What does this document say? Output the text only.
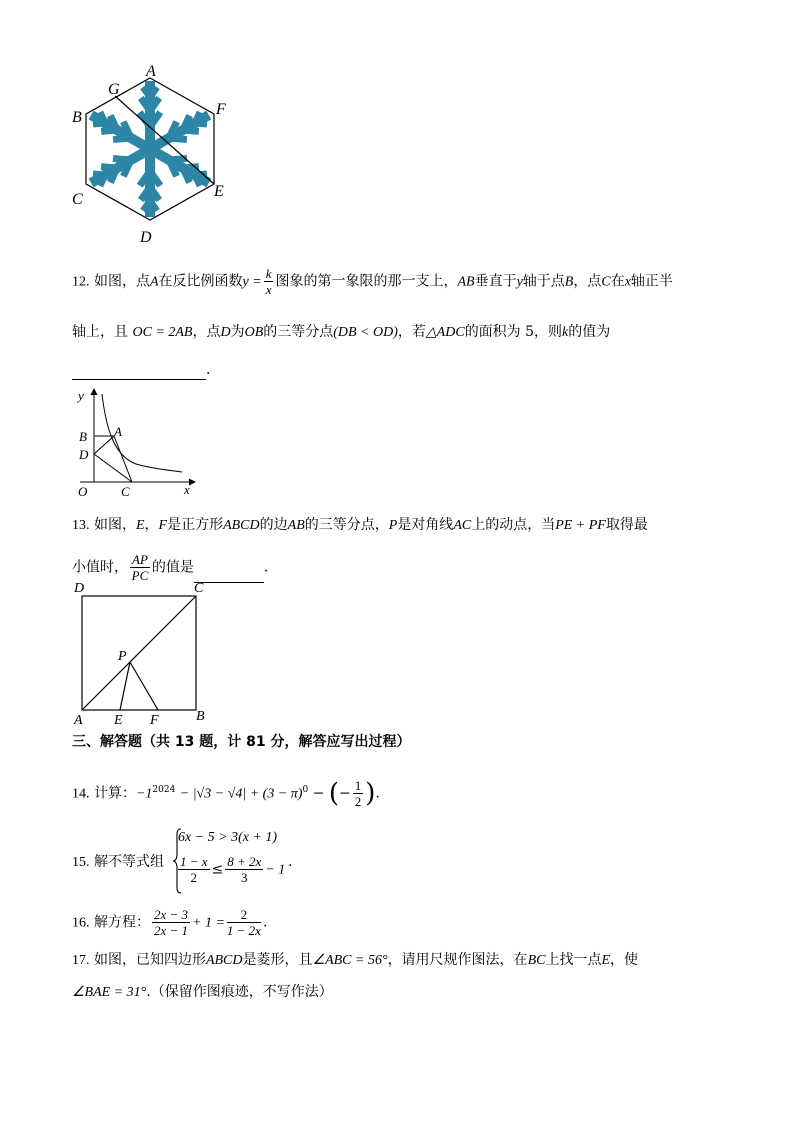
A
B
C
D
E
F
G
12. 如图，点A在反比例函数$y = \frac{k}{x}$ 图象的第一象限的那一支上，AB垂直于y轴于点B，点C在x轴正半
轴上，且 OC = 2AB，点D为OB的三等分点(DB < OD)，若△ADC的面积为 5，则k的值为
.
y
x
O
B A
D
C
13. 如图，E，F是正方形ABCD的边AB的三等分点，P是对角线AC上的动点，当PE + PF取得最
小值时， $\frac{AP}{PC}$ 的值是	.
D	C
A E F	B
P
三、解答题（共 13 题，计 81 分，解答应写出过程）
14. 计算：$-1^{2024} - |√3 - √4| + (3 - \pi)^0$ − (− $\frac{1}{2}$ ).
15. 解不等式组
6x − 5 > 3(x + 1)
$\frac{1 - x}{2} \le \frac{8 + 2x}{3} - 1$ .
16. 解方程： $\frac{2x - 3}{2x - 1} + 1 = \frac{2}{1 - 2x}$ .
17. 如图，已知四边形ABCD是菱形，且∠ABC = 56°，请用尺规作图法，在BC上找一点E，使
∠BAE = 31°.（保留作图痕迹，不写作法）
